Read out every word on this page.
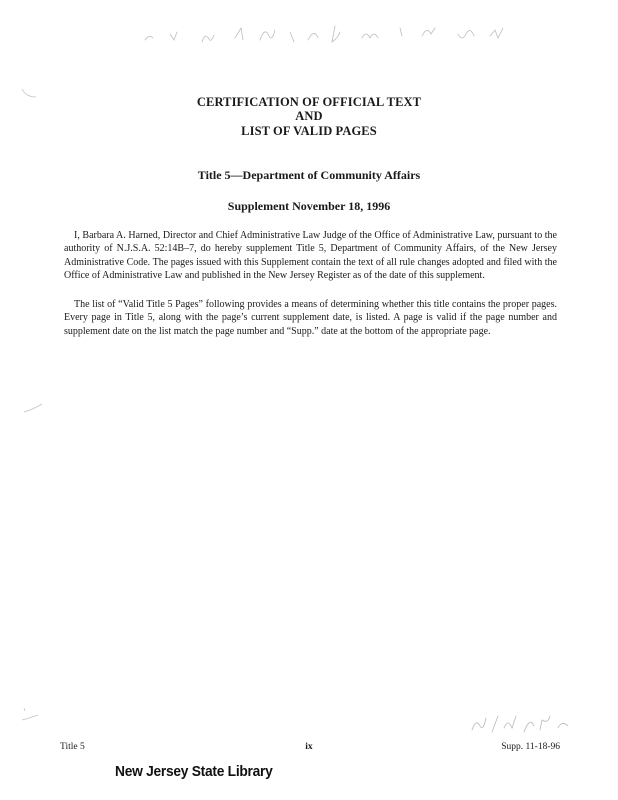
CERTIFICATION OF OFFICIAL TEXT
AND
LIST OF VALID PAGES
Title 5—Department of Community Affairs
Supplement November 18, 1996

I, Barbara A. Harned, Director and Chief Administrative Law Judge of the Office of Administrative Law, pursuant to the authority of N.J.S.A. 52:14B–7, do hereby supplement Title 5, Department of Community Affairs, of the New Jersey Administrative Code. The pages issued with this Supplement contain the text of all rule changes adopted and filed with the Office of Administrative Law and published in the New Jersey Register as of the date of this supplement.

The list of “Valid Title 5 Pages” following provides a means of determining whether this title contains the proper pages. Every page in Title 5, along with the page’s current supplement date, is listed. A page is valid if the page number and supplement date on the list match the page number and “Supp.” date at the bottom of the appropriate page.

Title 5	ix	Supp. 11-18-96
New Jersey State Library
